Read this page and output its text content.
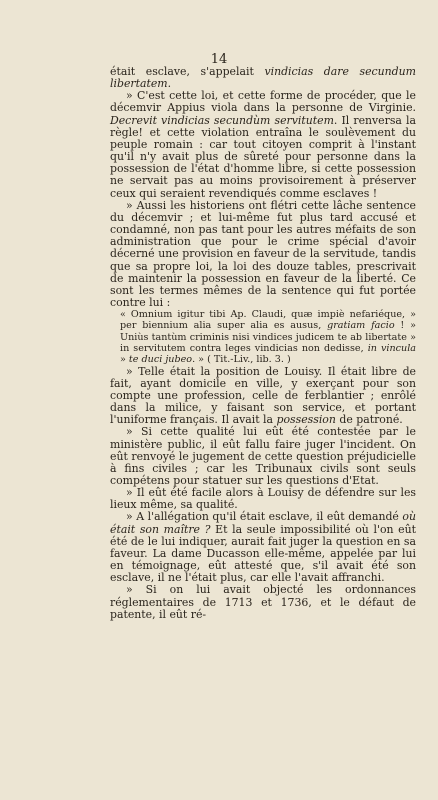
14

était esclave, s'appelait vindicias dare secundum libertatem.

» C'est cette loi, et cette forme de procéder, que le décemvir Appius viola dans la personne de Virginie. Decrevit vindicias secundùm servitutem. Il renversa la règle! et cette violation entraîna le soulèvement du peuple romain : car tout citoyen comprit à l'instant qu'il n'y avait plus de sûreté pour personne dans la possession de l'état d'homme libre, si cette possession ne servait pas au moins provisoirement à préserver ceux qui seraient revendiqués comme esclaves !

» Aussi les historiens ont flétri cette lâche sentence du décemvir ; et lui-même fut plus tard accusé et condamné, non pas tant pour les autres méfaits de son administration que pour le crime spécial d'avoir décerné une provision en faveur de la servitude, tandis que sa propre loi, la loi des douze tables, prescrivait de maintenir la possession en faveur de la liberté. Ce sont les termes mêmes de la sentence qui fut portée contre lui :

« Omnium igitur tibi Ap. Claudi, quæ impiè nefariéque, » per biennium alia super alia es ausus, gratiam facio ! » Uniùs tantùm criminis nisi vindices judicem te ab libertate » in servitutem contra leges vindicias non dedisse, in vincula » te duci jubeo. » ( Tit.-Liv., lib. 3. )

» Telle était la position de Louisy. Il était libre de fait, ayant domicile en ville, y exerçant pour son compte une profession, celle de ferblantier ; enrôlé dans la milice, y faisant son service, et portant l'uniforme français. Il avait la possession de patroné.

» Si cette qualité lui eût été contestée par le ministère public, il eût fallu faire juger l'incident. On eût renvoyé le jugement de cette question préjudicielle à fins civiles ; car les Tribunaux civils sont seuls compétens pour statuer sur les questions d'Etat.

» Il eût été facile alors à Louisy de défendre sur les lieux même, sa qualité.

» A l'allégation qu'il était esclave, il eût demandé où était son maître ? Et la seule impossibilité où l'on eût été de le lui indiquer, aurait fait juger la question en sa faveur. La dame Ducasson elle-même, appelée par lui en témoignage, eût attesté que, s'il avait été son esclave, il ne l'était plus, car elle l'avait affranchi.

» Si on lui avait objecté les ordonnances réglementaires de 1713 et 1736, et le défaut de patente, il eût ré-
